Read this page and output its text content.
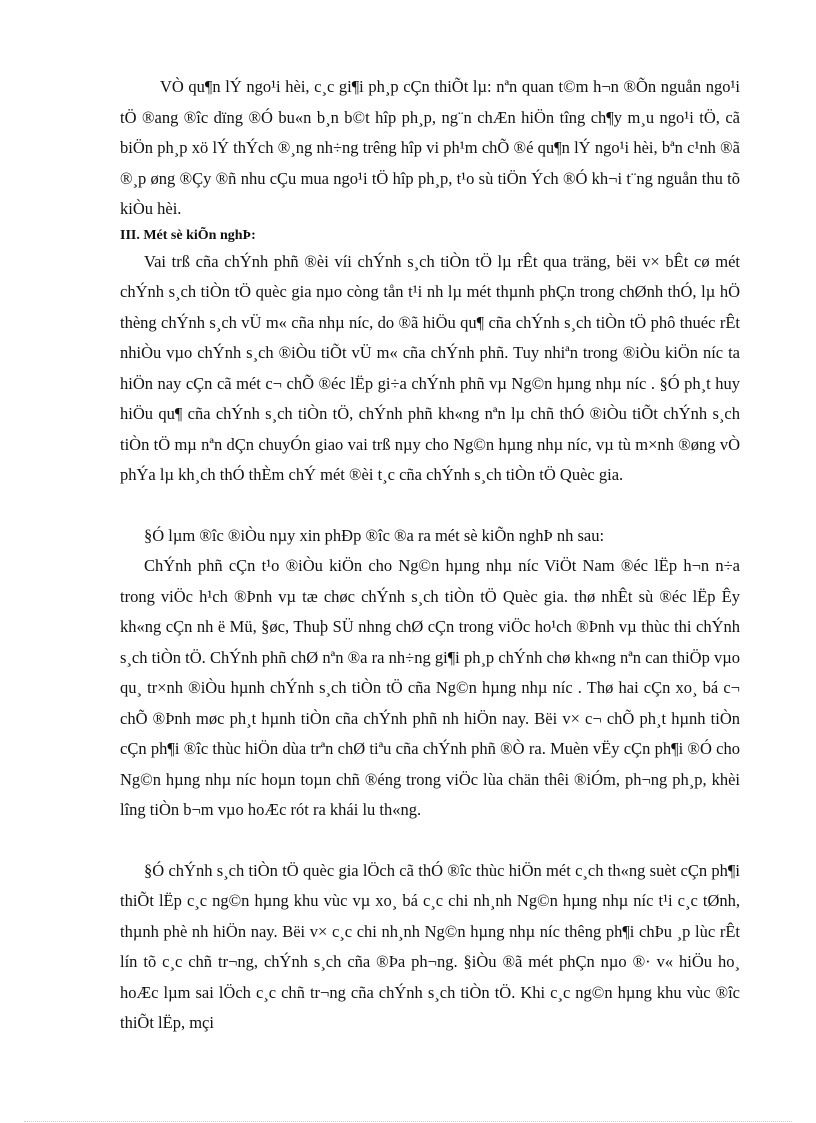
VÒ qu¶n lÝ ngo¹i hèi, c¸c gi¶i ph¸p cÇn thiÕt lµ: nªn quan t©m h¬n ®Õn nguån ngo¹i tÖ ®ang ®îc dïng ®Ó bu«n b¸n b©t hîp ph¸p, ng¨n chÆn hiÖn tîng ch¶y m¸u ngo¹i tÖ, cã biÖn ph¸p xö lÝ thÝch ®¸ng nh÷ng trêng hîp vi ph¹m chÕ ®é qu¶n lÝ ngo¹i hèi, bªn c¹nh ®ã ®¸p øng ®Çy ®ñ nhu cÇu mua ngo¹i tÖ hîp ph¸p, t¹o sù tiÖn Ých ®Ó kh¬i t¨ng nguån thu tõ kiÒu hèi.

III. Mét sè kiÕn nghÞ:

Vai trß cña chÝnh phñ ®èi víi chÝnh s¸ch tiÒn tÖ lµ rÊt qua träng, bëi v× bÊt cø mét chÝnh s¸ch tiÒn tÖ quèc gia nµo còng tån t¹i nh lµ mét thµnh phÇn trong chØnh thÓ, lµ hÖ thèng chÝnh s¸ch vÜ m« cña nhµ níc, do ®ã hiÖu qu¶ cña chÝnh s¸ch tiÒn tÖ phô thuéc rÊt nhiÒu vµo chÝnh s¸ch ®iÒu tiÕt vÜ m« cña chÝnh phñ. Tuy nhiªn trong ®iÒu kiÖn níc ta hiÖn nay cÇn cã mét c¬ chÕ ®éc lËp gi÷a chÝnh phñ vµ Ng©n hµng nhµ níc . §Ó ph¸t huy hiÖu qu¶ cña chÝnh s¸ch tiÒn tÖ, chÝnh phñ kh«ng nªn lµ chñ thÓ ®iÒu tiÕt chÝnh s¸ch tiÒn tÖ mµ nªn dÇn chuyÓn giao vai trß nµy cho Ng©n hµng nhµ níc, vµ tù m×nh ®øng vÒ phÝa lµ kh¸ch thÓ thÈm chÝ mét ®èi t¸c cña chÝnh s¸ch tiÒn tÖ Quèc gia.

§Ó lµm ®îc ®iÒu nµy xin phÐp ®îc ®a ra mét sè kiÕn nghÞ nh sau:

ChÝnh phñ cÇn t¹o ®iÒu kiÖn cho Ng©n hµng nhµ níc ViÖt Nam ®éc lËp h¬n n÷a trong viÖc h¹ch ®Þnh vµ tæ chøc chÝnh s¸ch tiÒn tÖ Quèc gia. thø nhÊt sù ®éc lËp Êy kh«ng cÇn nh ë Mü, §øc, Thuþ SÜ nhng chØ cÇn trong viÖc ho¹ch ®Þnh vµ thùc thi chÝnh s¸ch tiÒn tÖ. ChÝnh phñ chØ nªn ®a ra nh÷ng gi¶i ph¸p chÝnh chø kh«ng nªn can thiÖp vµo qu¸ tr×nh ®iÒu hµnh chÝnh s¸ch tiÒn tÖ cña Ng©n hµng nhµ níc . Thø hai cÇn xo¸ bá c¬ chÕ ®Þnh møc ph¸t hµnh tiÒn cña chÝnh phñ nh hiÖn nay. Bëi v× c¬ chÕ ph¸t hµnh tiÒn cÇn ph¶i ®îc thùc hiÖn dùa trªn chØ tiªu cña chÝnh phñ ®Ò ra. Muèn vËy cÇn ph¶i ®Ó cho Ng©n hµng nhµ níc hoµn toµn chñ ®éng trong viÖc lùa chän thêi ®iÓm, ph¬ng ph¸p, khèi lîng tiÒn b¬m vµo hoÆc rót ra khái lu th«ng.

§Ó chÝnh s¸ch tiÒn tÖ quèc gia lÖch cã thÓ ®îc thùc hiÖn mét c¸ch th«ng suèt cÇn ph¶i thiÕt lËp c¸c ng©n hµng khu vùc vµ xo¸ bá c¸c chi nh¸nh Ng©n hµng nhµ níc t¹i c¸c tØnh, thµnh phè nh hiÖn nay. Bëi v× c¸c chi nh¸nh Ng©n hµng nhµ níc thêng ph¶i chÞu ¸p lùc rÊt lín tõ c¸c chñ tr¬ng, chÝnh s¸ch cña ®Þa ph¬ng. §iÒu ®ã mét phÇn nµo ®· v« hiÖu ho¸ hoÆc lµm sai lÖch c¸c chñ tr¬ng cña chÝnh s¸ch tiÒn tÖ. Khi c¸c ng©n hµng khu vùc ®îc thiÕt lËp, mçi
